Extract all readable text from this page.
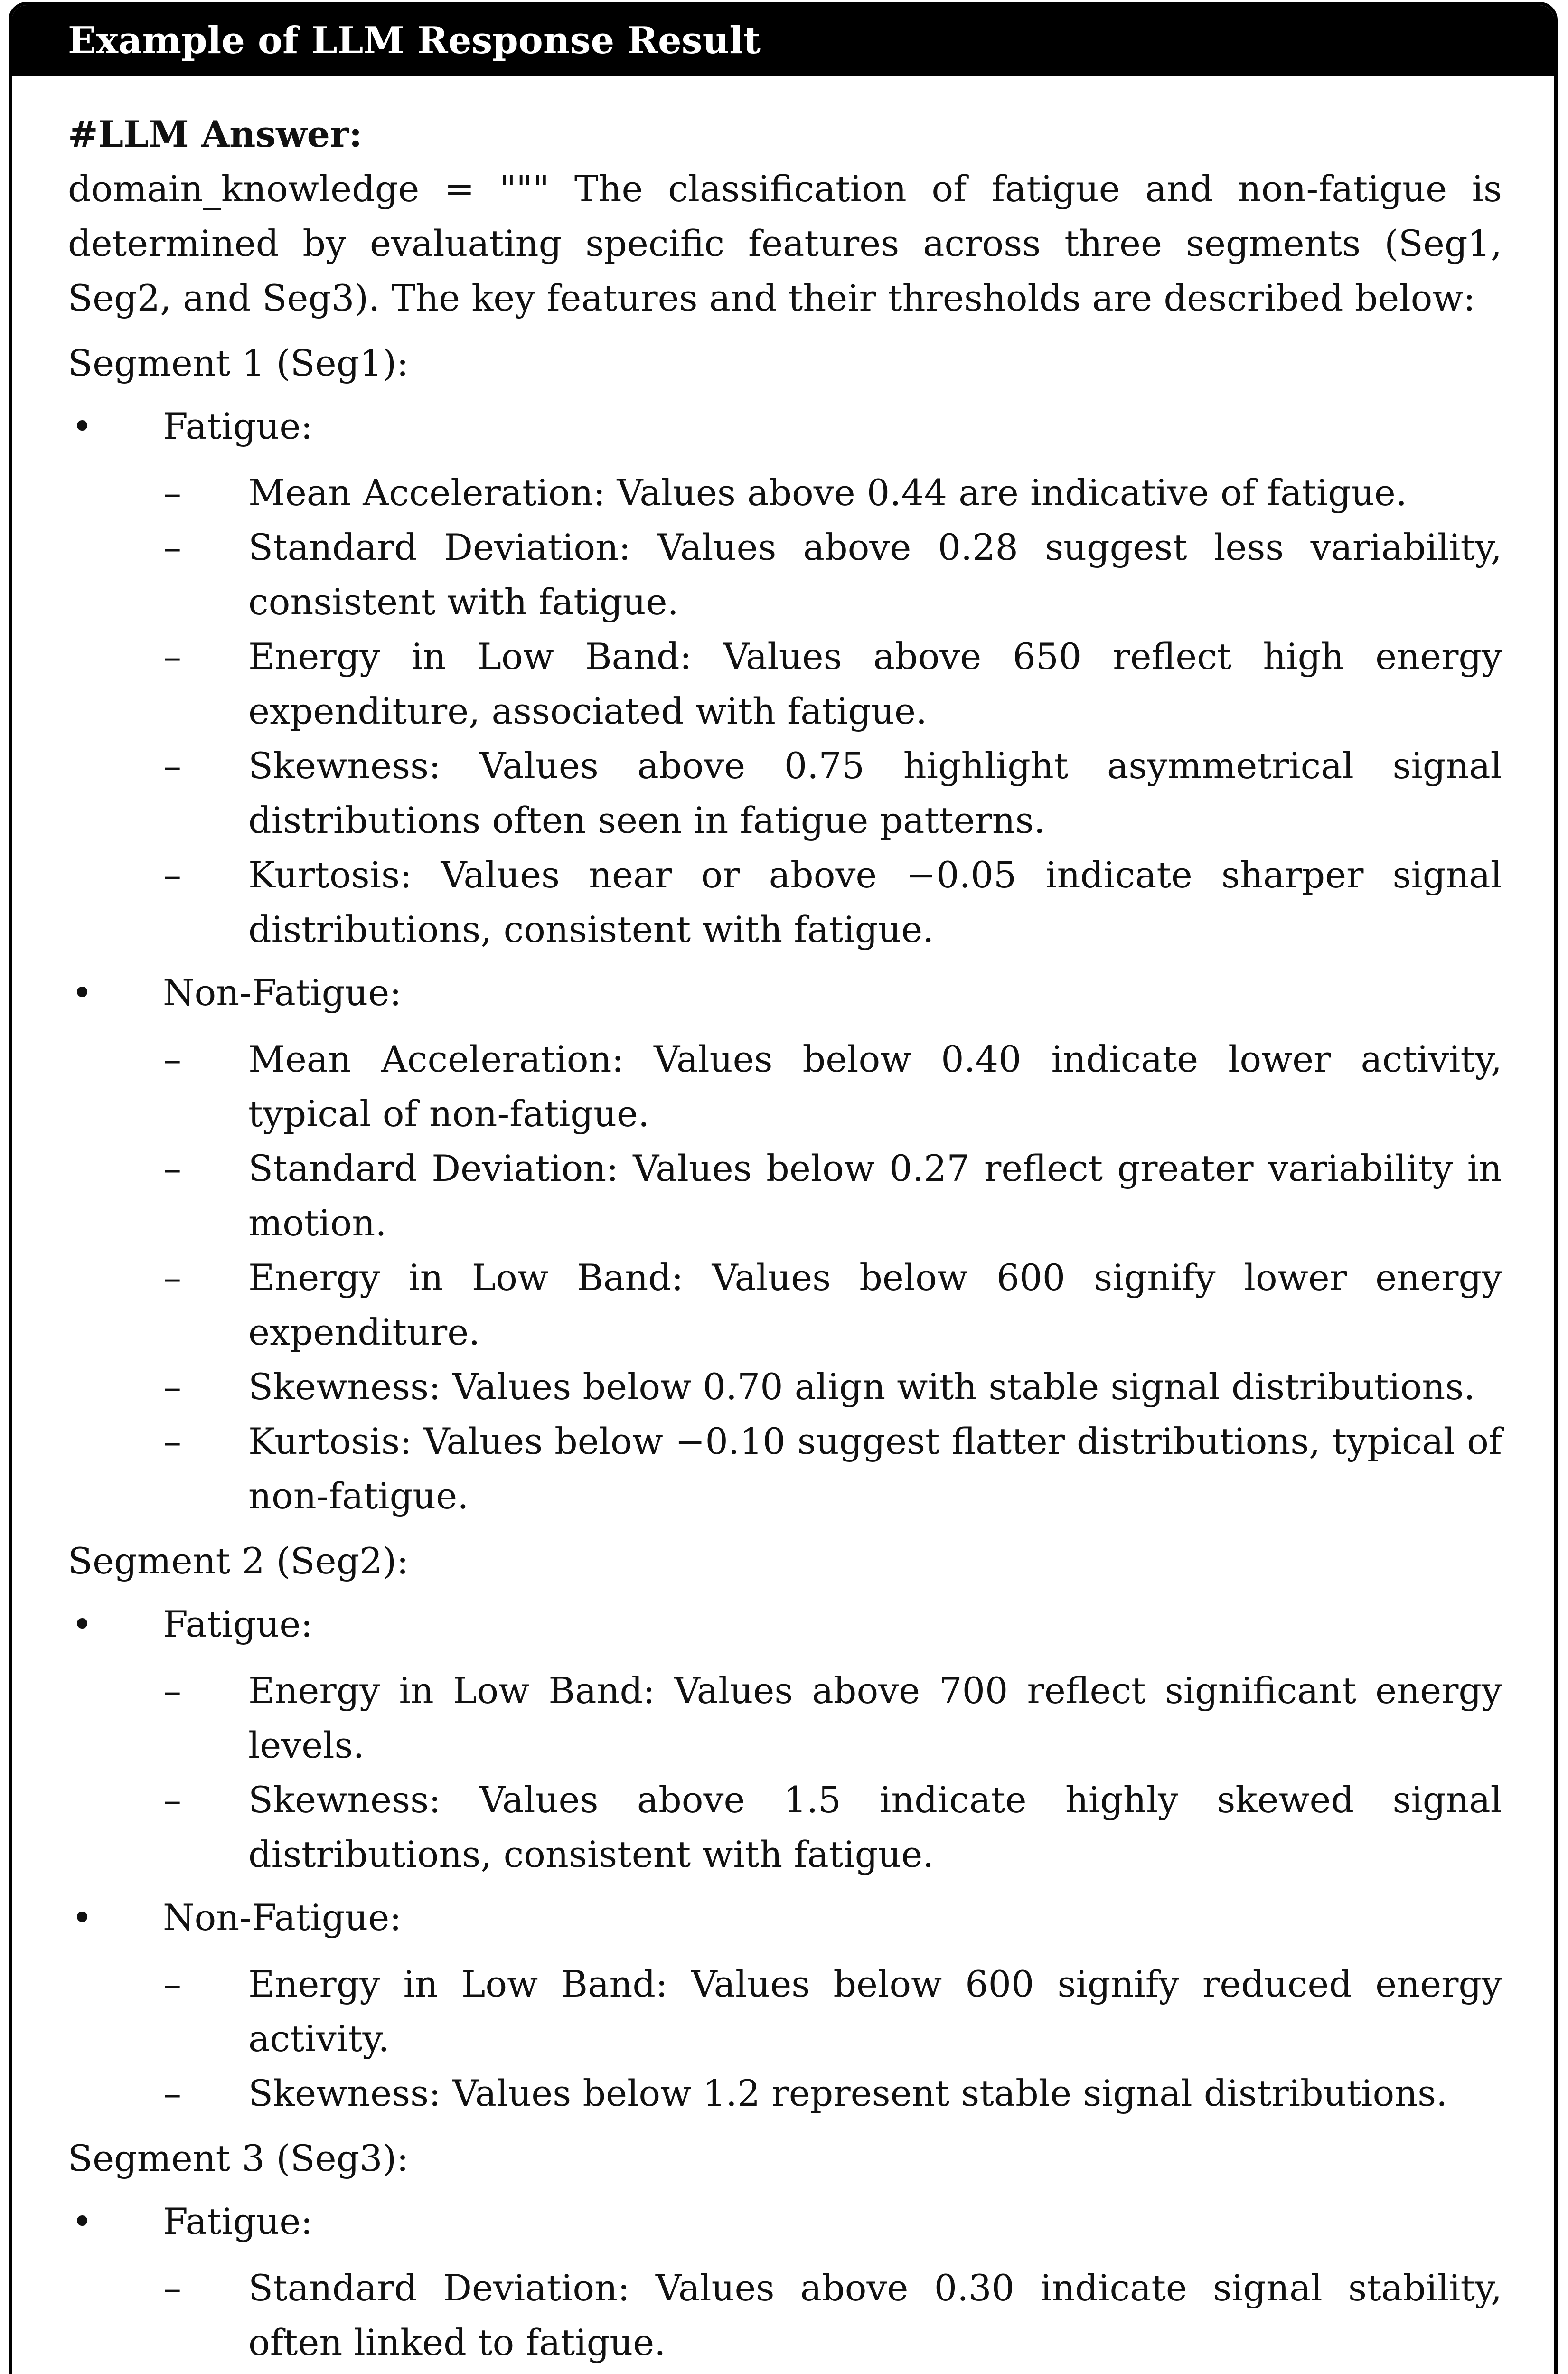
Example of LLM Response Result
#LLM Answer:
domain_knowledge = """ The classification of fatigue and non-fatigue is determined by evaluating specific features across three segments (Seg1, Seg2, and Seg3). The key features and their thresholds are described below:
Segment 1 (Seg1):
• Fatigue:
– Mean Acceleration: Values above 0.44 are indicative of fatigue.
– Standard Deviation: Values above 0.28 suggest less variability, consistent with fatigue.
– Energy in Low Band: Values above 650 reflect high energy expenditure, associated with fatigue.
– Skewness: Values above 0.75 highlight asymmetrical signal distributions often seen in fatigue patterns.
– Kurtosis: Values near or above −0.05 indicate sharper signal distributions, consistent with fatigue.
• Non-Fatigue:
– Mean Acceleration: Values below 0.40 indicate lower activity, typical of non-fatigue.
– Standard Deviation: Values below 0.27 reflect greater variability in motion.
– Energy in Low Band: Values below 600 signify lower energy expenditure.
– Skewness: Values below 0.70 align with stable signal distributions.
– Kurtosis: Values below −0.10 suggest flatter distributions, typical of non-fatigue.
Segment 2 (Seg2):
• Fatigue:
– Energy in Low Band: Values above 700 reflect significant energy levels.
– Skewness: Values above 1.5 indicate highly skewed signal distributions, consistent with fatigue.
• Non-Fatigue:
– Energy in Low Band: Values below 600 signify reduced energy activity.
– Skewness: Values below 1.2 represent stable signal distributions.
Segment 3 (Seg3):
• Fatigue:
– Standard Deviation: Values above 0.30 indicate signal stability, often linked to fatigue.
